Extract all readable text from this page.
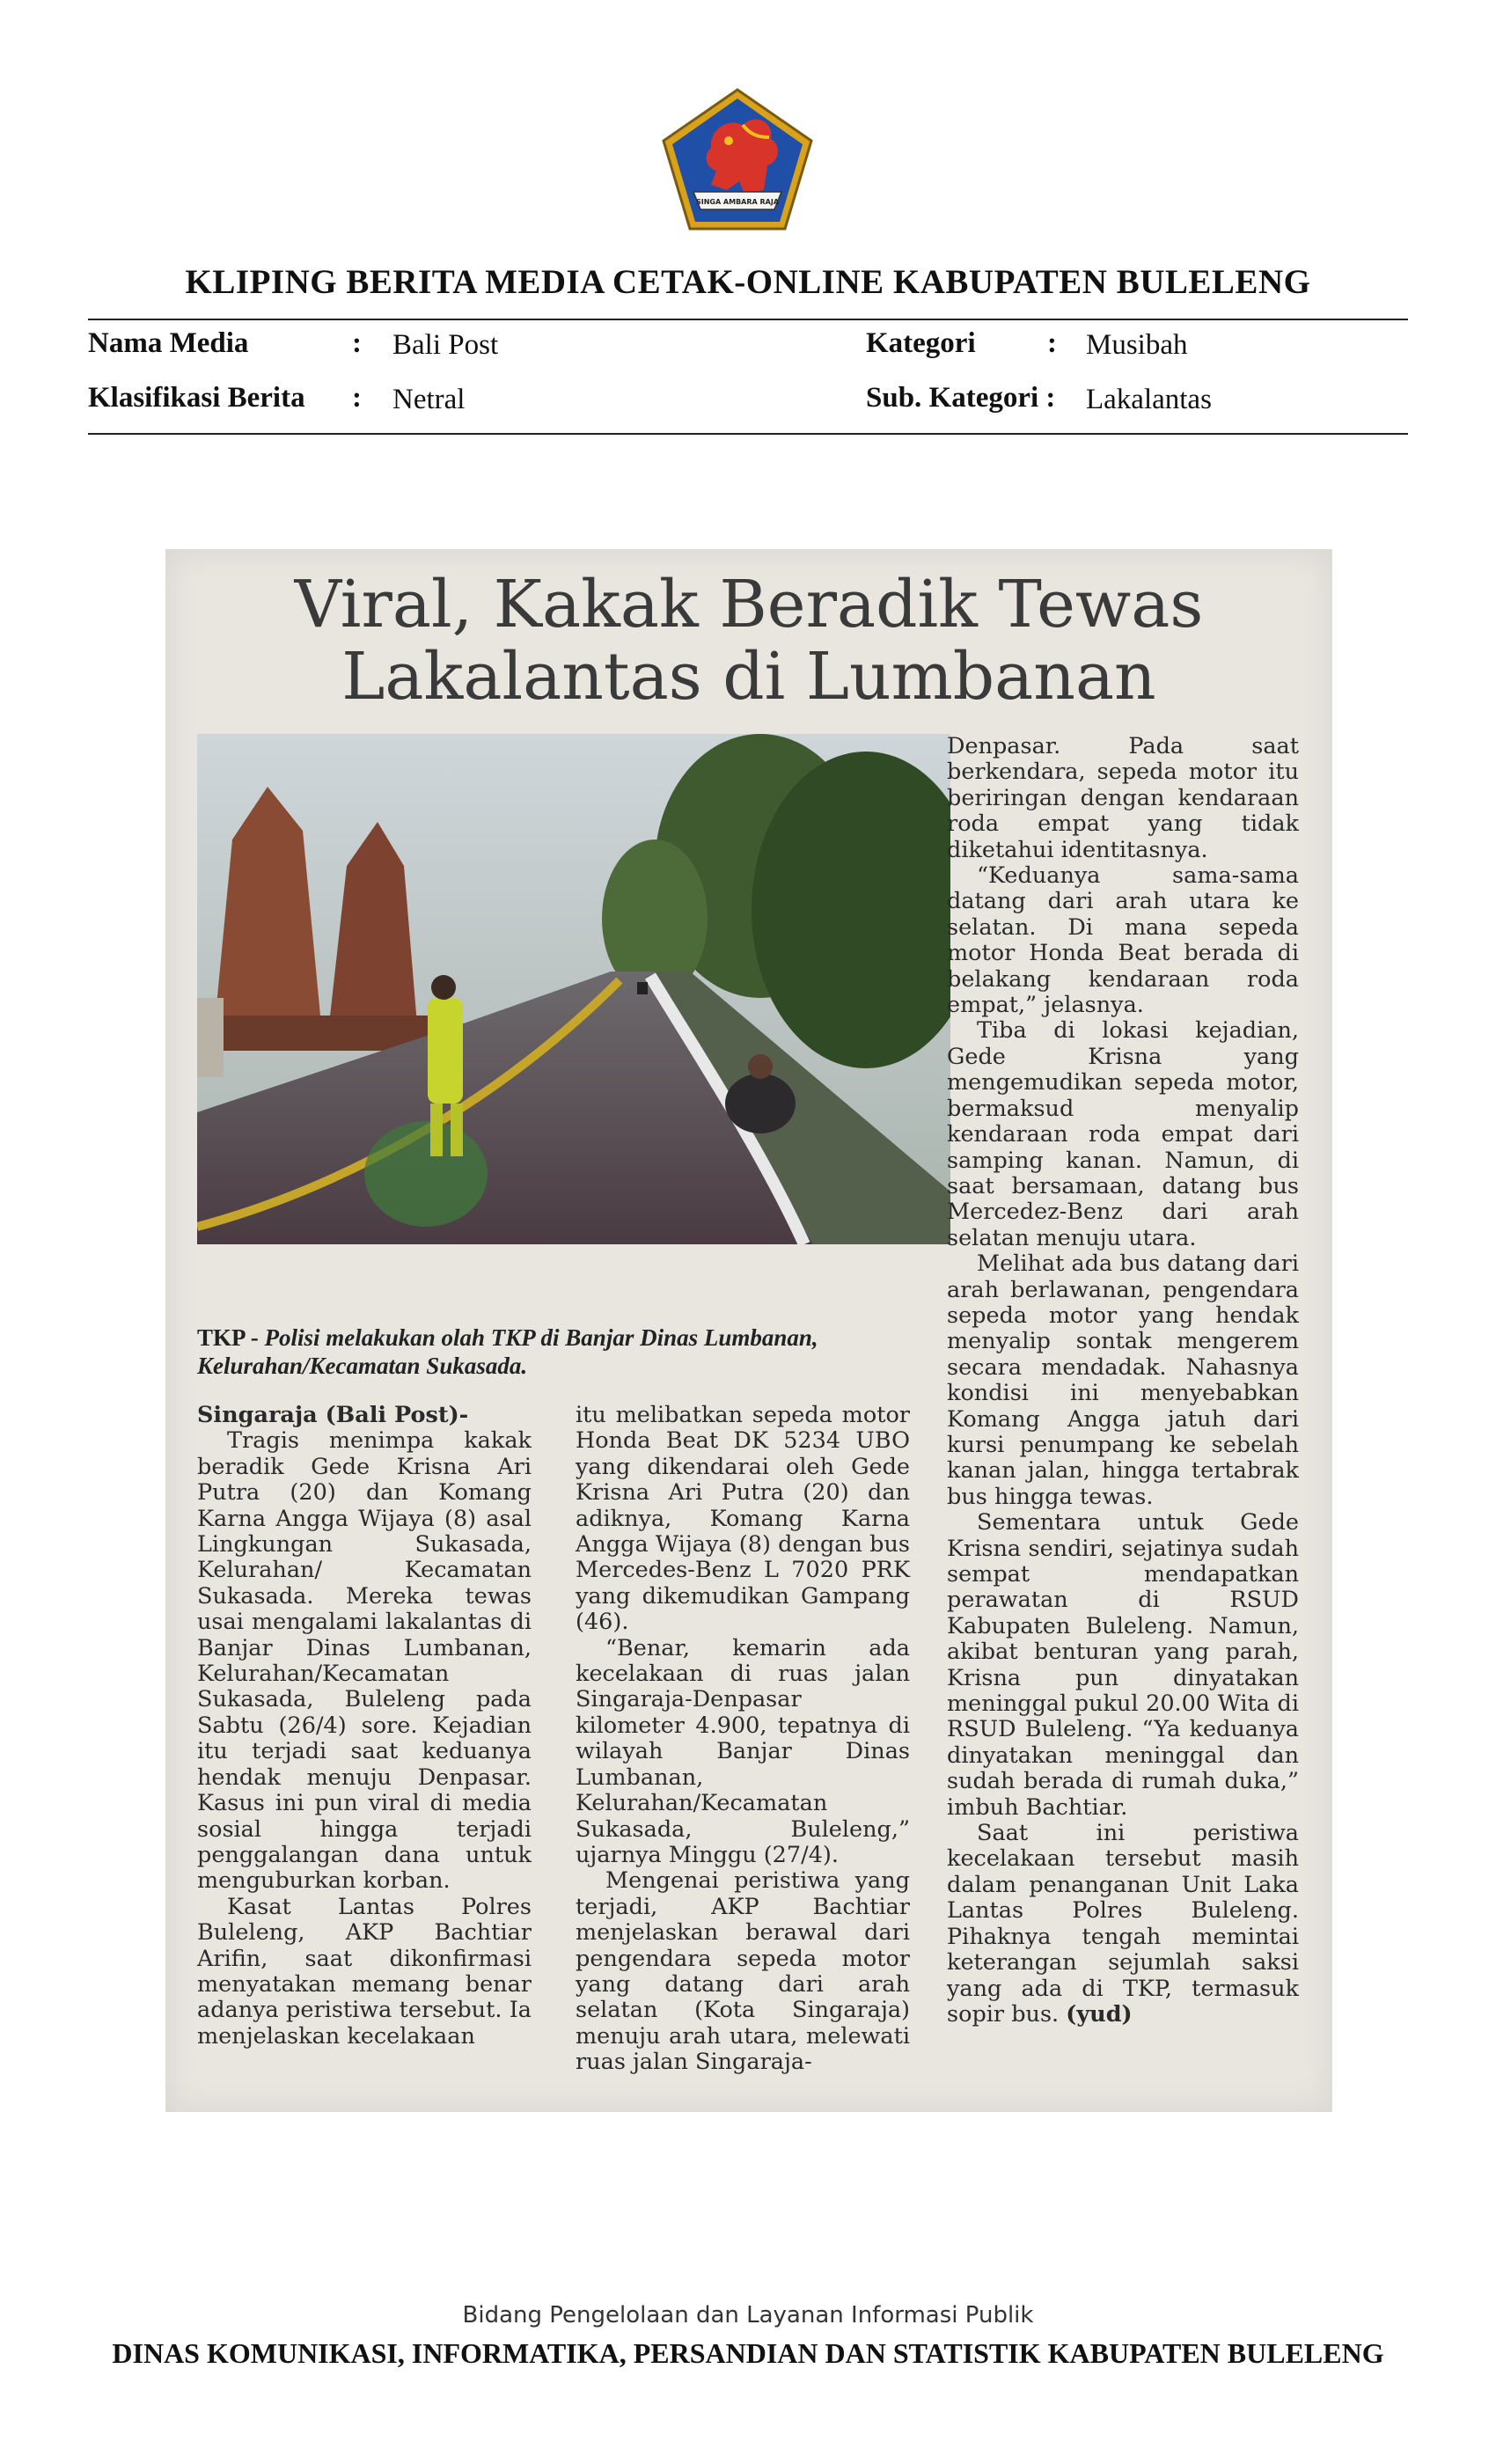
SINGA AMBARA RAJA
KLIPING BERITA MEDIA CETAK-ONLINE KABUPATEN BULELENG
Nama Media	: Bali Post	Kategori : Musibah
Klasifikasi Berita : Netral	Sub. Kategori : Lakalantas
Viral, Kakak Beradik Tewas
Lakalantas di Lumbanan
TKP - Polisi melakukan olah TKP di Banjar Dinas Lumbanan, Kelurahan/Kecamatan Sukasada.

Singaraja (Bali Post)-

Tragis menimpa kakak beradik Gede Krisna Ari Putra (20) dan Komang Karna Angga Wijaya (8) asal Lingkungan Sukasada, Kelurahan/ Kecamatan Sukasada. Mereka tewas usai mengalami lakalantas di Banjar Dinas Lumbanan, Kelurahan/Kecamatan Sukasada, Buleleng pada Sabtu (26/4) sore. Kejadian itu terjadi saat keduanya hendak menuju Denpasar. Kasus ini pun viral di media sosial hingga terjadi penggalangan dana untuk menguburkan korban.

Kasat Lantas Polres Buleleng, AKP Bachtiar Arifin, saat dikonfirmasi menyatakan memang benar adanya peristiwa tersebut. Ia menjelaskan kecelakaan

itu melibatkan sepeda motor Honda Beat DK 5234 UBO yang dikendarai oleh Gede Krisna Ari Putra (20) dan adiknya, Komang Karna Angga Wijaya (8) dengan bus Mercedes-Benz L 7020 PRK yang dikemudikan Gampang (46).

“Benar, kemarin ada kecelakaan di ruas jalan Singaraja-Denpasar kilometer 4.900, tepatnya di wilayah Banjar Dinas Lumbanan, Kelurahan/Kecamatan Sukasada, Buleleng,” ujarnya Minggu (27/4).

Mengenai peristiwa yang terjadi, AKP Bachtiar menjelaskan berawal dari pengendara sepeda motor yang datang dari arah selatan (Kota Singaraja) menuju arah utara, melewati ruas jalan Singaraja-

Denpasar. Pada saat berkendara, sepeda motor itu beriringan dengan kendaraan roda empat yang tidak diketahui identitasnya.

“Keduanya sama-sama datang dari arah utara ke selatan. Di mana sepeda motor Honda Beat berada di belakang kendaraan roda empat,” jelasnya.

Tiba di lokasi kejadian, Gede Krisna yang mengemudikan sepeda motor, bermaksud menyalip kendaraan roda empat dari samping kanan. Namun, di saat bersamaan, datang bus Mercedez-Benz dari arah selatan menuju utara.

Melihat ada bus datang dari arah berlawanan, pengendara sepeda motor yang hendak menyalip sontak mengerem secara mendadak. Nahasnya kondisi ini menyebabkan Komang Angga jatuh dari kursi penumpang ke sebelah kanan jalan, hingga tertabrak bus hingga tewas.

Sementara untuk Gede Krisna sendiri, sejatinya sudah sempat mendapatkan perawatan di RSUD Kabupaten Buleleng. Namun, akibat benturan yang parah, Krisna pun dinyatakan meninggal pukul 20.00 Wita di RSUD Buleleng. “Ya keduanya dinyatakan meninggal dan sudah berada di rumah duka,” imbuh Bachtiar.

Saat ini peristiwa kecelakaan tersebut masih dalam penanganan Unit Laka Lantas Polres Buleleng. Pihaknya tengah memintai keterangan sejumlah saksi yang ada di TKP, termasuk sopir bus. (yud)

Bidang Pengelolaan dan Layanan Informasi Publik
DINAS KOMUNIKASI, INFORMATIKA, PERSANDIAN DAN STATISTIK KABUPATEN BULELENG
